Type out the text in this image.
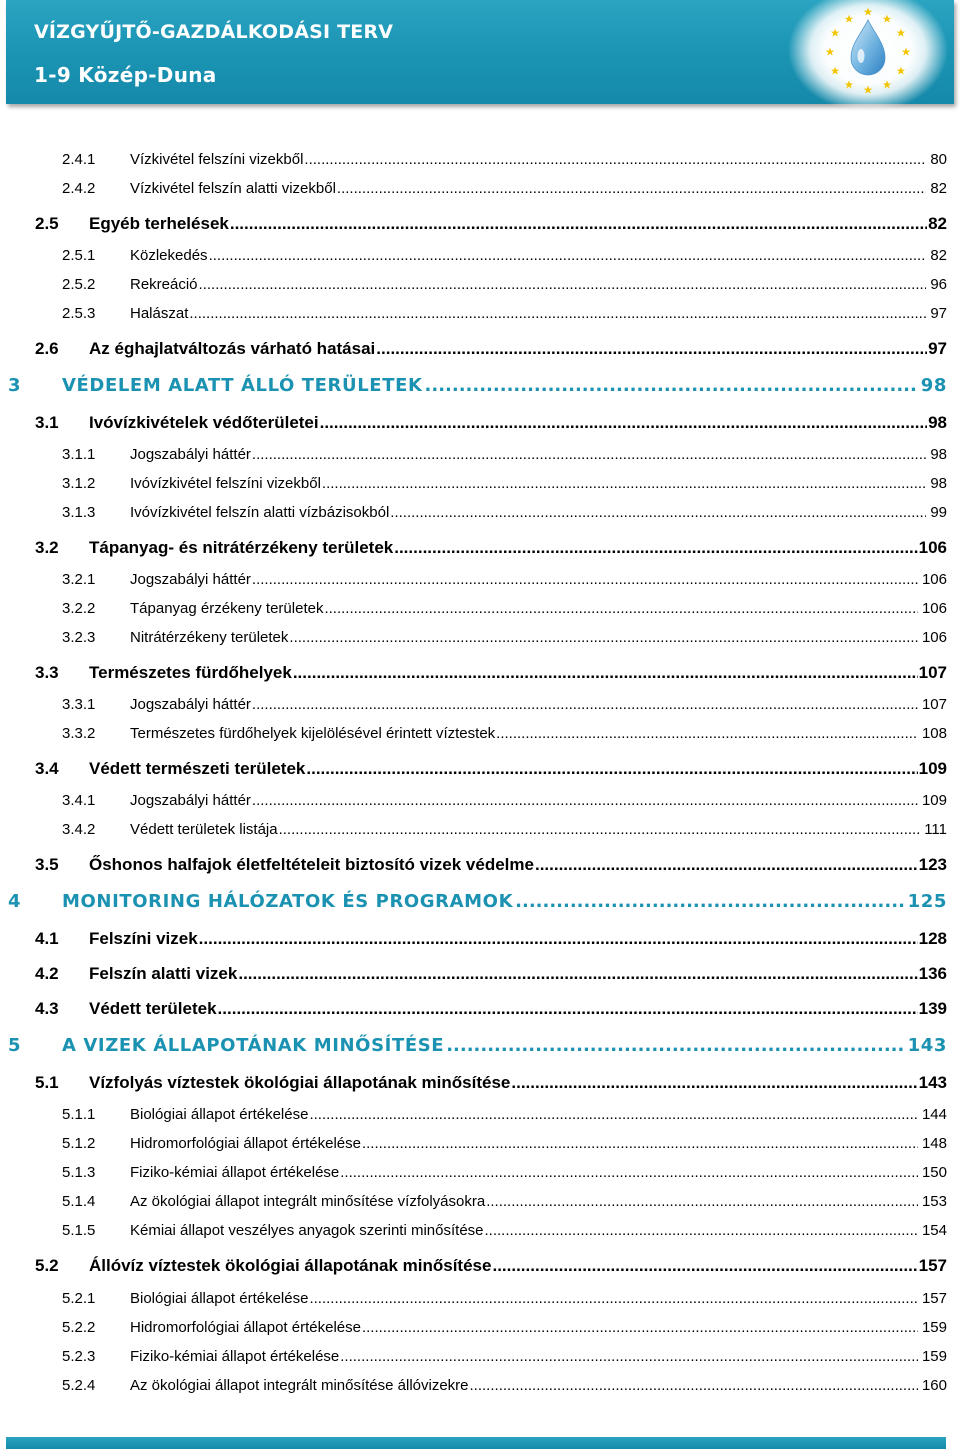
VÍZGYŰJTŐ-GAZDÁLKODÁSI TERV
1-9 Közép-Duna
2.4.1	Vízkivétel felszíni vizekből .....	80
2.4.2	Vízkivétel felszín alatti vizekből .....	82
2.5	Egyéb terhelések .....	82
2.5.1	Közlekedés .....	82
2.5.2	Rekreáció .....	96
2.5.3	Halászat .....	97
2.6	Az éghajlatváltozás várható hatásai .....	97
3	VÉDELEM ALATT ÁLLÓ TERÜLETEK .....	98
3.1	Ivóvízkivételek védőterületei .....	98
3.1.1	Jogszabályi háttér .....	98
3.1.2	Ivóvízkivétel felszíni vizekből .....	98
3.1.3	Ivóvízkivétel felszín alatti vízbázisokból .....	99
3.2	Tápanyag- és nitrátérzékeny területek .....	106
3.2.1	Jogszabályi háttér .....	106
3.2.2	Tápanyag érzékeny területek .....	106
3.2.3	Nitrátérzékeny területek .....	106
3.3	Természetes fürdőhelyek .....	107
3.3.1	Jogszabályi háttér .....	107
3.3.2	Természetes fürdőhelyek kijelölésével érintett víztestek .....	108
3.4	Védett természeti területek .....	109
3.4.1	Jogszabályi háttér .....	109
3.4.2	Védett területek listája .....	111
3.5	Őshonos halfajok életfeltételeit biztosító vizek védelme .....	123
4	MONITORING HÁLÓZATOK ÉS PROGRAMOK .....	125
4.1	Felszíni vizek .....	128
4.2	Felszín alatti vizek .....	136
4.3	Védett területek .....	139
5	A VIZEK ÁLLAPOTÁNAK MINŐSÍTÉSE .....	143
5.1	Vízfolyás víztestek ökológiai állapotának minősítése .....	143
5.1.1	Biológiai állapot értékelése .....	144
5.1.2	Hidromorfológiai állapot értékelése .....	148
5.1.3	Fiziko-kémiai állapot értékelése .....	150
5.1.4	Az ökológiai állapot integrált minősítése vízfolyásokra .....	153
5.1.5	Kémiai állapot veszélyes anyagok szerinti minősítése .....	154
5.2	Állóvíz víztestek ökológiai állapotának minősítése .....	157
5.2.1	Biológiai állapot értékelése .....	157
5.2.2	Hidromorfológiai állapot értékelése .....	159
5.2.3	Fiziko-kémiai állapot értékelése .....	159
5.2.4	Az ökológiai állapot integrált minősítése állóvizekre .....	160
